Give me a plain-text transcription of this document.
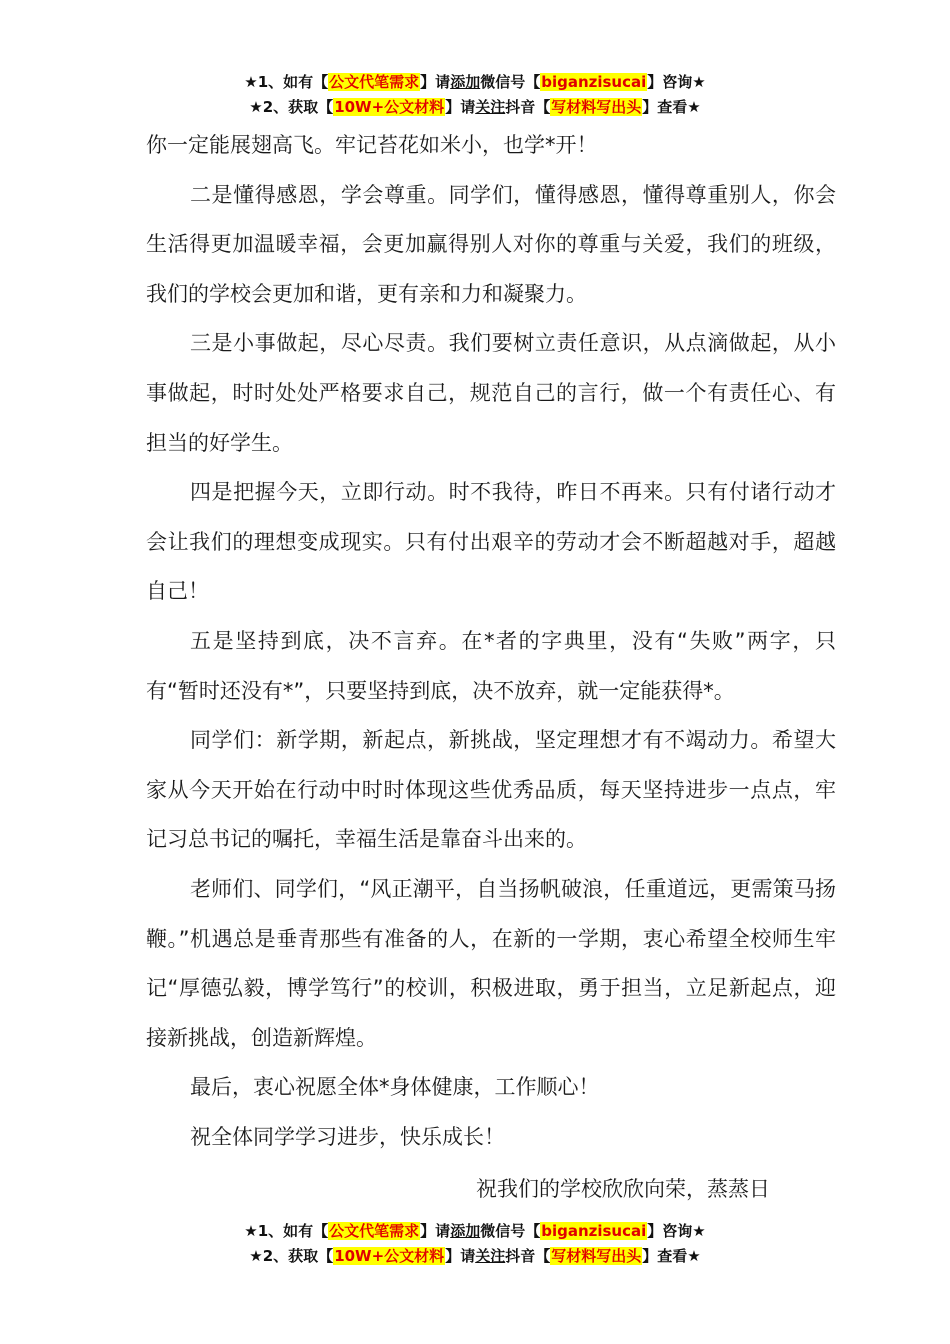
★1、如有【公文代笔需求】请添加微信号【biganzisucai】咨询★
★2、获取【10W+公文材料】请关注抖音【写材料写出头】查看★

你一定能展翅高飞。牢记苔花如米小，也学*开！

二是懂得感恩，学会尊重。同学们，懂得感恩，懂得尊重别人，你会生活得更加温暖幸福，会更加赢得别人对你的尊重与关爱，我们的班级，我们的学校会更加和谐，更有亲和力和凝聚力。

三是小事做起，尽心尽责。我们要树立责任意识，从点滴做起，从小事做起，时时处处严格要求自己，规范自己的言行，做一个有责任心、有担当的好学生。

四是把握今天，立即行动。时不我待，昨日不再来。只有付诸行动才会让我们的理想变成现实。只有付出艰辛的劳动才会不断超越对手，超越自己！

五是坚持到底，决不言弃。在*者的字典里，没有“失败”两字，只有“暂时还没有*”，只要坚持到底，决不放弃，就一定能获得*。

同学们：新学期，新起点，新挑战，坚定理想才有不竭动力。希望大家从今天开始在行动中时时体现这些优秀品质，每天坚持进步一点点，牢记习总书记的嘱托，幸福生活是靠奋斗出来的。

老师们、同学们，“风正潮平，自当扬帆破浪，任重道远，更需策马扬鞭。”机遇总是垂青那些有准备的人，在新的一学期，衷心希望全校师生牢记“厚德弘毅，博学笃行”的校训，积极进取，勇于担当，立足新起点，迎接新挑战，创造新辉煌。

最后，衷心祝愿全体*身体健康，工作顺心！

祝全体同学学习进步，快乐成长！

祝我们的学校欣欣向荣，蒸蒸日
★1、如有【公文代笔需求】请添加微信号【biganzisucai】咨询★
★2、获取【10W+公文材料】请关注抖音【写材料写出头】查看★
